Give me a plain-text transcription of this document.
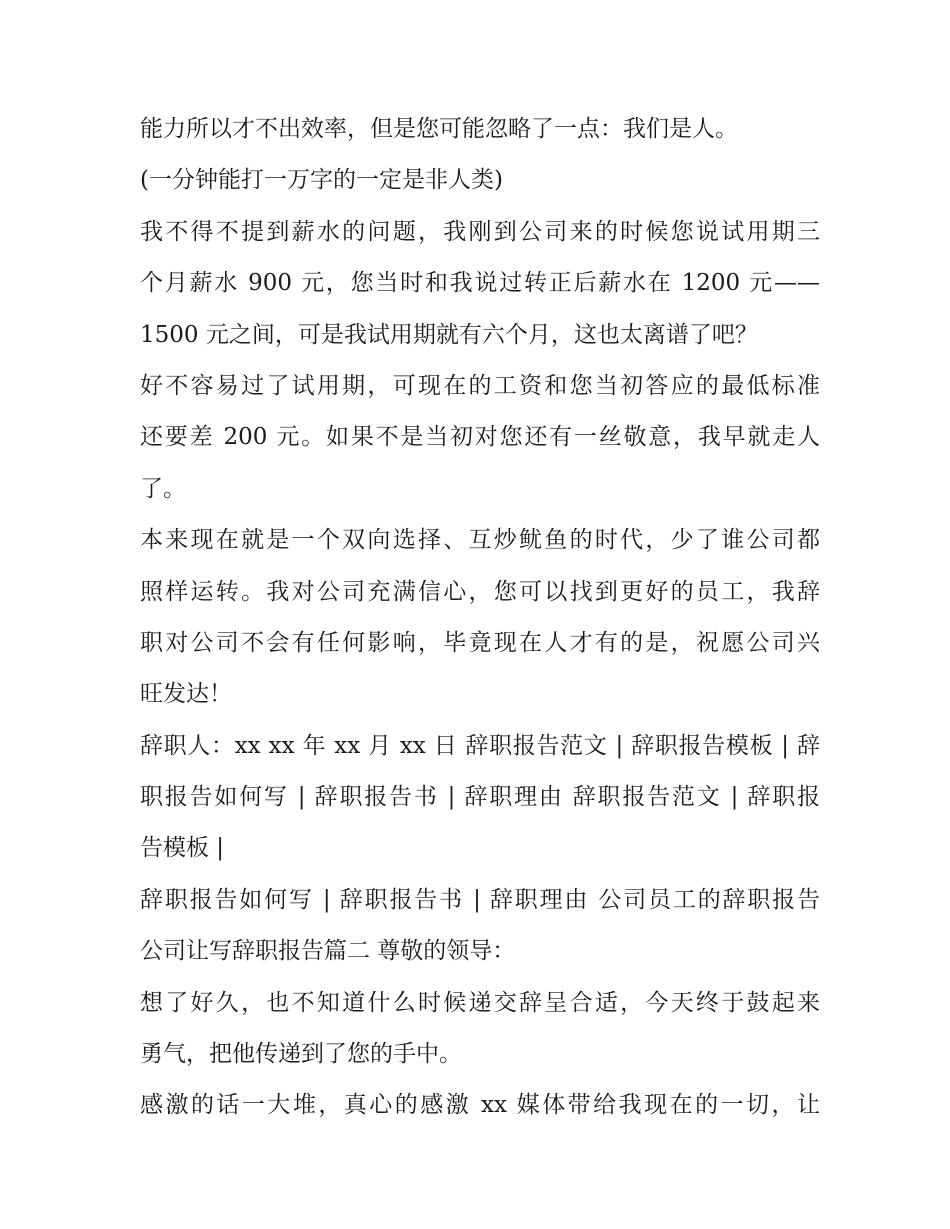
能力所以才不出效率，但是您可能忽略了一点：我们是人。
(一分钟能打一万字的一定是非人类)
我不得不提到薪水的问题，我刚到公司来的时候您说试用期三
个月薪水 900 元，您当时和我说过转正后薪水在 1200 元——
1500 元之间，可是我试用期就有六个月，这也太离谱了吧？
好不容易过了试用期，可现在的工资和您当初答应的最低标准
还要差 200 元。如果不是当初对您还有一丝敬意，我早就走人
了。
本来现在就是一个双向选择、互炒鱿鱼的时代，少了谁公司都
照样运转。我对公司充满信心，您可以找到更好的员工，我辞
职对公司不会有任何影响，毕竟现在人才有的是，祝愿公司兴
旺发达！
辞职人：xx xx 年 xx 月 xx 日 辞职报告范文 | 辞职报告模板 | 辞
职报告如何写 | 辞职报告书 | 辞职理由 辞职报告范文 | 辞职报
告模板 |
辞职报告如何写 | 辞职报告书 | 辞职理由 公司员工的辞职报告
公司让写辞职报告篇二 尊敬的领导：
想了好久，也不知道什么时候递交辞呈合适，今天终于鼓起来
勇气，把他传递到了您的手中。
感激的话一大堆，真心的感激 xx 媒体带给我现在的一切，让
